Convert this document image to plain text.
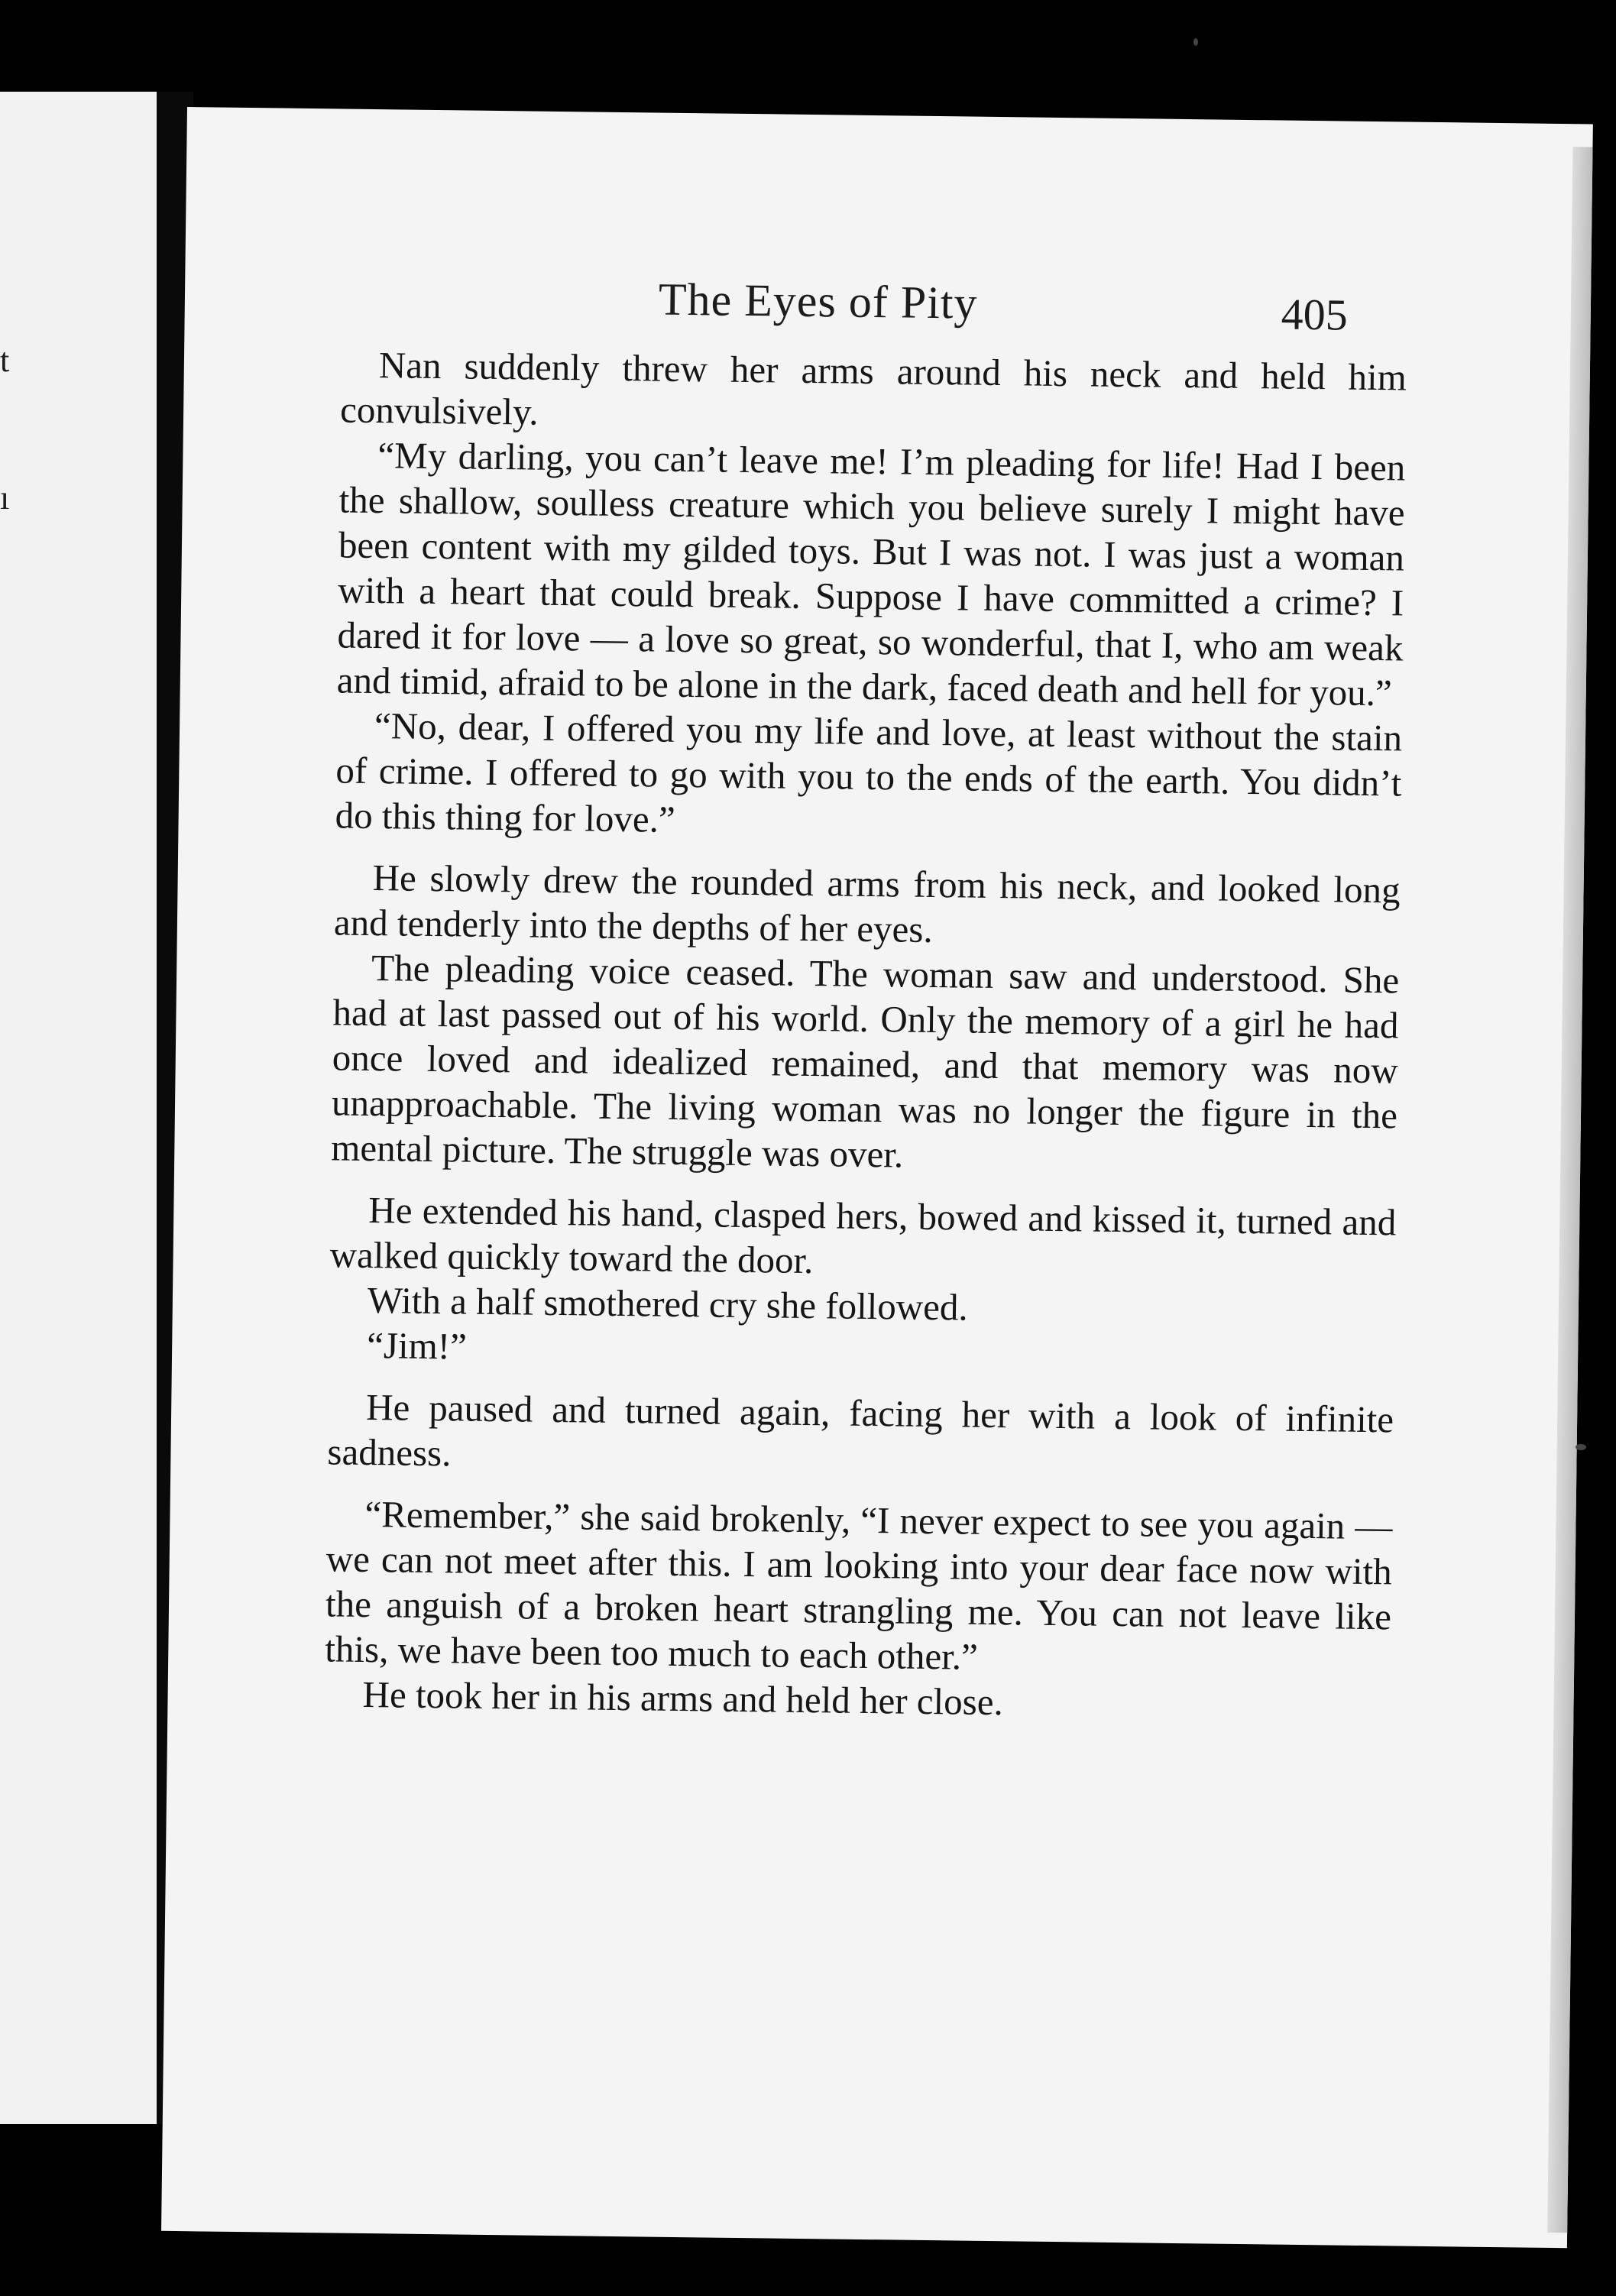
t
ı
The Eyes of Pity	405

Nan suddenly threw her arms around his neck and held him convulsively.

“My darling, you can’t leave me! I’m pleading for life! Had I been the shallow, soulless creature which you believe surely I might have been content with my gilded toys. But I was not. I was just a woman with a heart that could break. Suppose I have committed a crime? I dared it for love — a love so great, so wonderful, that I, who am weak and timid, afraid to be alone in the dark, faced death and hell for you.”

“No, dear, I offered you my life and love, at least without the stain of crime. I offered to go with you to the ends of the earth. You didn’t do this thing for love.”

He slowly drew the rounded arms from his neck, and looked long and tenderly into the depths of her eyes.

The pleading voice ceased. The woman saw and understood. She had at last passed out of his world. Only the memory of a girl he had once loved and idealized remained, and that memory was now unapproachable. The living woman was no longer the figure in the mental picture. The struggle was over.

He extended his hand, clasped hers, bowed and kissed it, turned and walked quickly toward the door.

With a half smothered cry she followed.

“Jim!”

He paused and turned again, facing her with a look of infinite sadness.

“Remember,” she said brokenly, “I never expect to see you again — we can not meet after this. I am looking into your dear face now with the anguish of a broken heart strangling me. You can not leave like this, we have been too much to each other.”

He took her in his arms and held her close.
